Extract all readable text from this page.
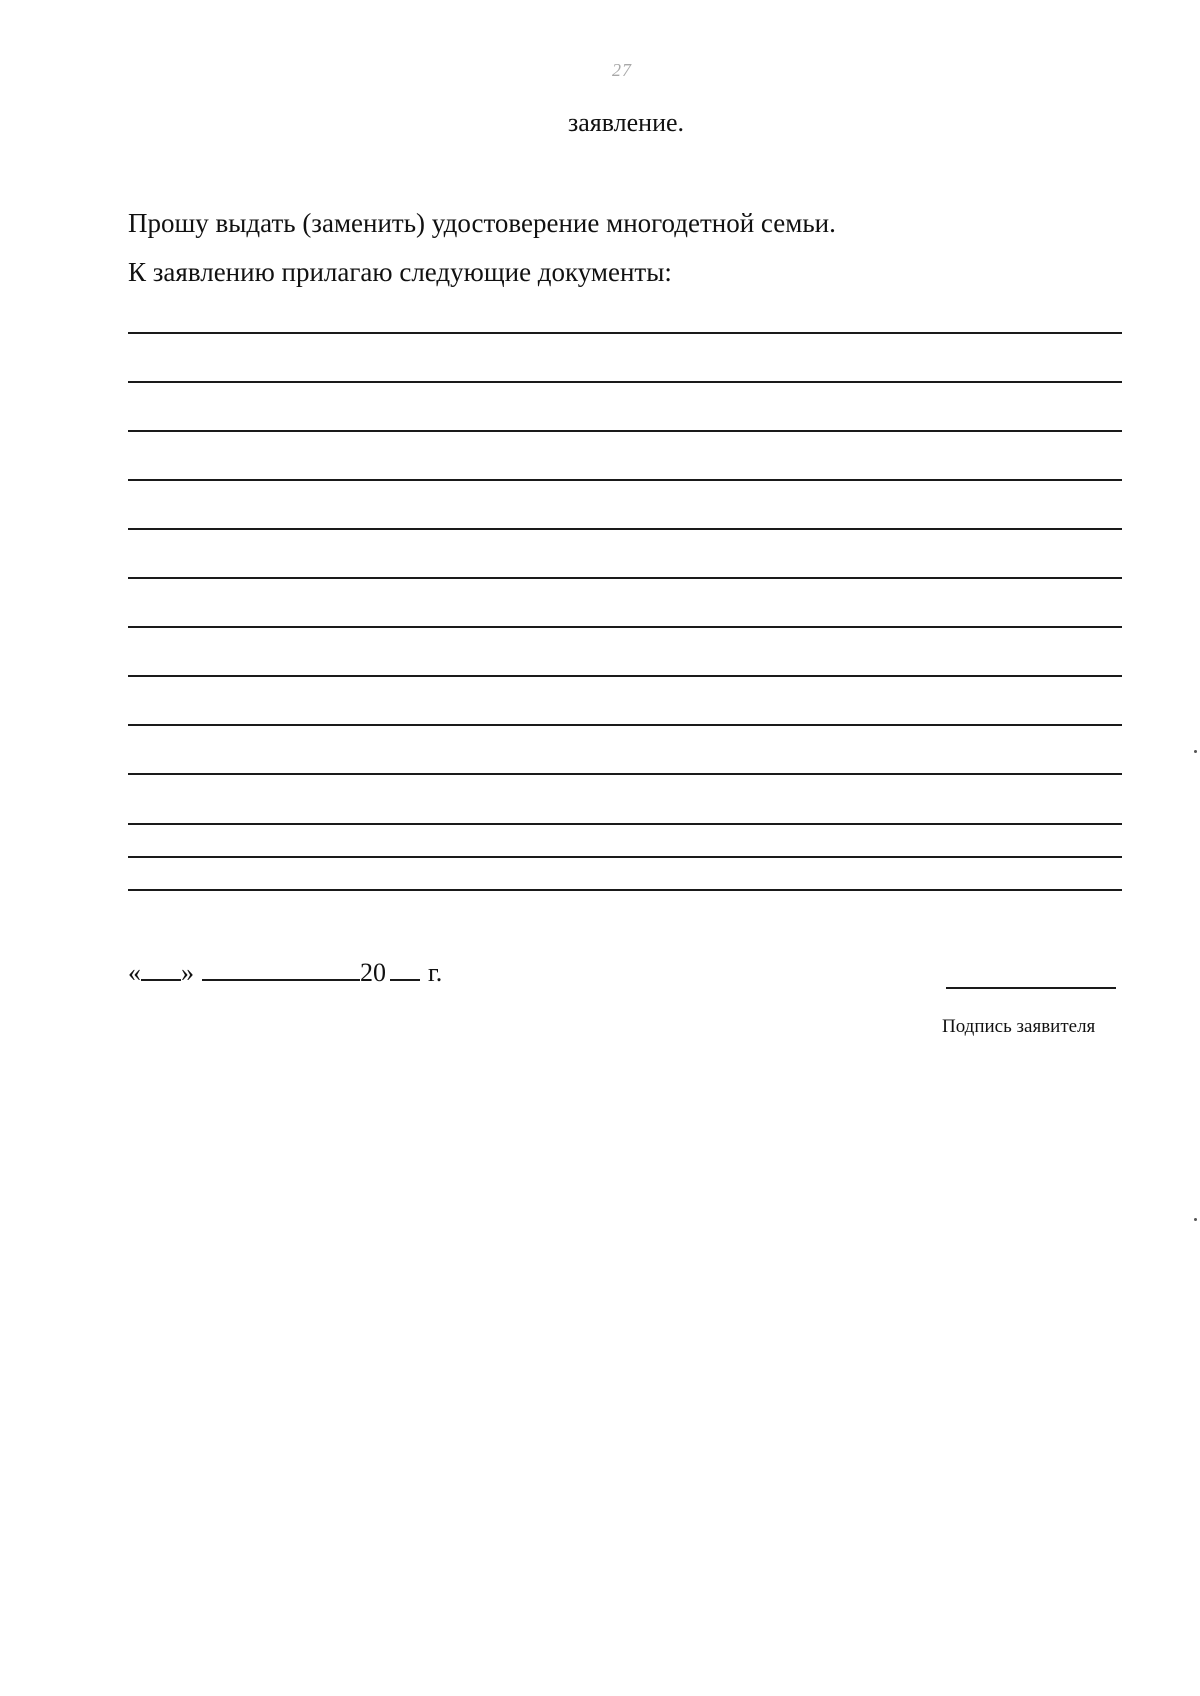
27
заявление.
Прошу выдать (заменить) удостоверение многодетной семьи.
К заявлению прилагаю следующие документы:
« »	20 г.
Подпись заявителя
